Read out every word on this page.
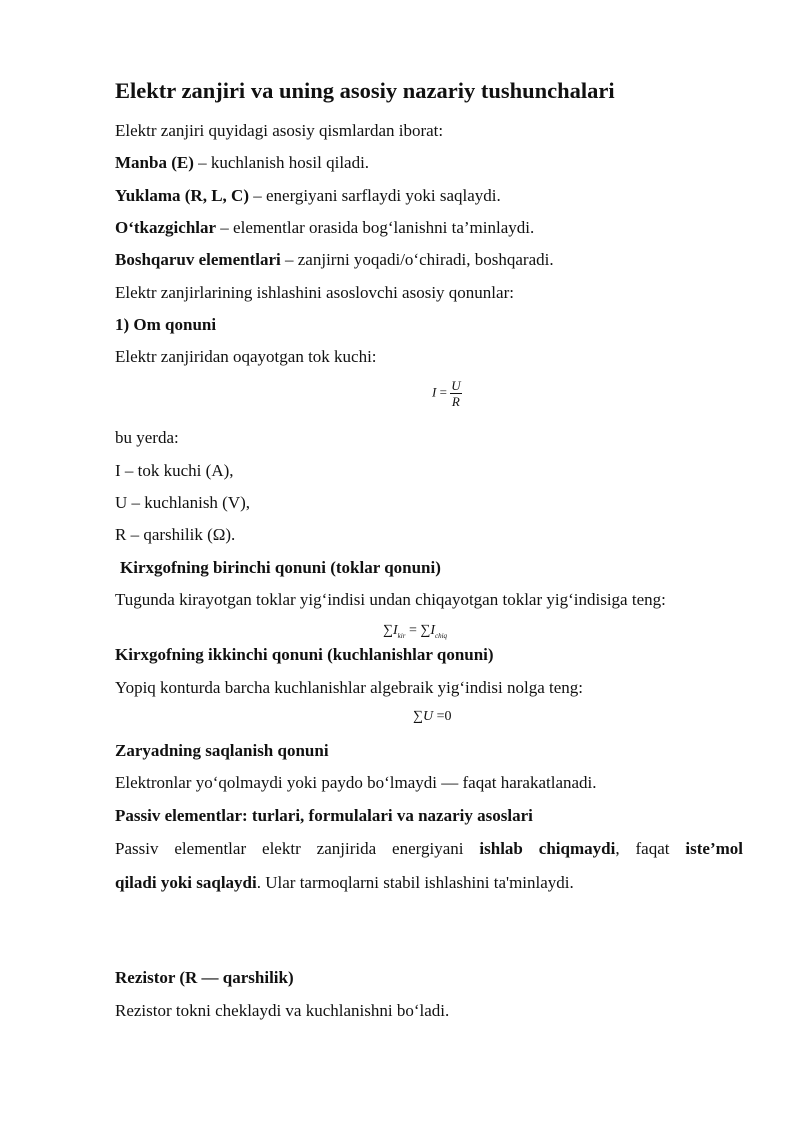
Elektr zanjiri va uning asosiy nazariy tushunchalari
Elektr zanjiri quyidagi asosiy qismlardan iborat:
Manba (E) – kuchlanish hosil qiladi.
Yuklama (R, L, C) – energiyani sarflaydi yoki saqlaydi.
O‘tkazgichlar – elementlar orasida bog‘lanishni ta’minlaydi.
Boshqaruv elementlari – zanjirni yoqadi/o‘chiradi, boshqaradi.
Elektr zanjirlarining ishlashini asoslovchi asosiy qonunlar:
1) Om qonuni
Elektr zanjiridan oqayotgan tok kuchi:
$I = \frac{U}{R}$
bu yerda:
I – tok kuchi (A),
U – kuchlanish (V),
R – qarshilik (Ω).
Kirxgofning birinchi qonuni (toklar qonuni)
Tugunda kirayotgan toklar yig‘indisi undan chiqayotgan toklar yig‘indisiga teng:
$\sum I_{kir} = \sum I_{chiq}$
Kirxgofning ikkinchi qonuni (kuchlanishlar qonuni)
Yopiq konturda barcha kuchlanishlar algebraik yig‘indisi nolga teng:
∑U =0
Zaryadning saqlanish qonuni
Elektronlar yo‘qolmaydi yoki paydo bo‘lmaydi — faqat harakatlanadi.
Passiv elementlar: turlari, formulalari va nazariy asoslari
Passiv elementlar elektr zanjirida energiyani ishlab chiqmaydi, faqat iste’mol
qiladi yoki saqlaydi. Ular tarmoqlarni stabil ishlashini ta'minlaydi.
Rezistor (R — qarshilik)
Rezistor tokni cheklaydi va kuchlanishni bo‘ladi.
